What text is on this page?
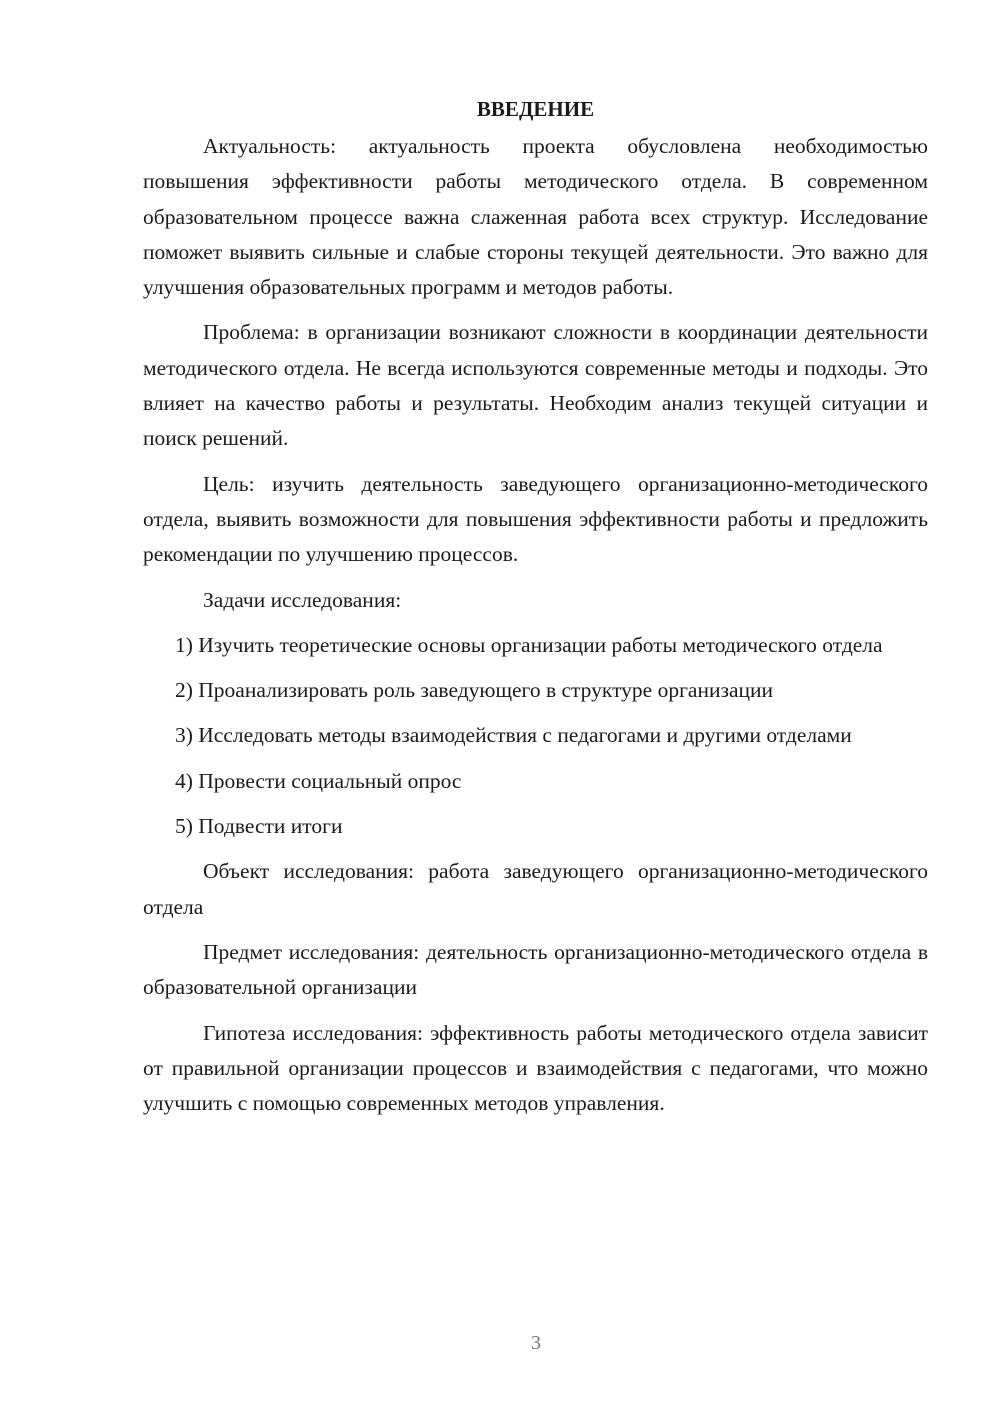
ВВЕДЕНИЕ

Актуальность: актуальность проекта обусловлена необходимостью повышения эффективности работы методического отдела. В современном образовательном процессе важна слаженная работа всех структур. Исследование поможет выявить сильные и слабые стороны текущей деятельности. Это важно для улучшения образовательных программ и методов работы.

Проблема: в организации возникают сложности в координации деятельности методического отдела. Не всегда используются современные методы и подходы. Это влияет на качество работы и результаты. Необходим анализ текущей ситуации и поиск решений.

Цель: изучить деятельность заведующего организационно-методического отдела, выявить возможности для повышения эффективности работы и предложить рекомендации по улучшению процессов.

Задачи исследования:

1) Изучить теоретические основы организации работы методического отдела

2) Проанализировать роль заведующего в структуре организации

3) Исследовать методы взаимодействия с педагогами и другими отделами

4) Провести социальный опрос

5) Подвести итоги

Объект исследования: работа заведующего организационно-методического отдела

Предмет исследования: деятельность организационно-методического отдела в образовательной организации

Гипотеза исследования: эффективность работы методического отдела зависит от правильной организации процессов и взаимодействия с педагогами, что можно улучшить с помощью современных методов управления.

3
